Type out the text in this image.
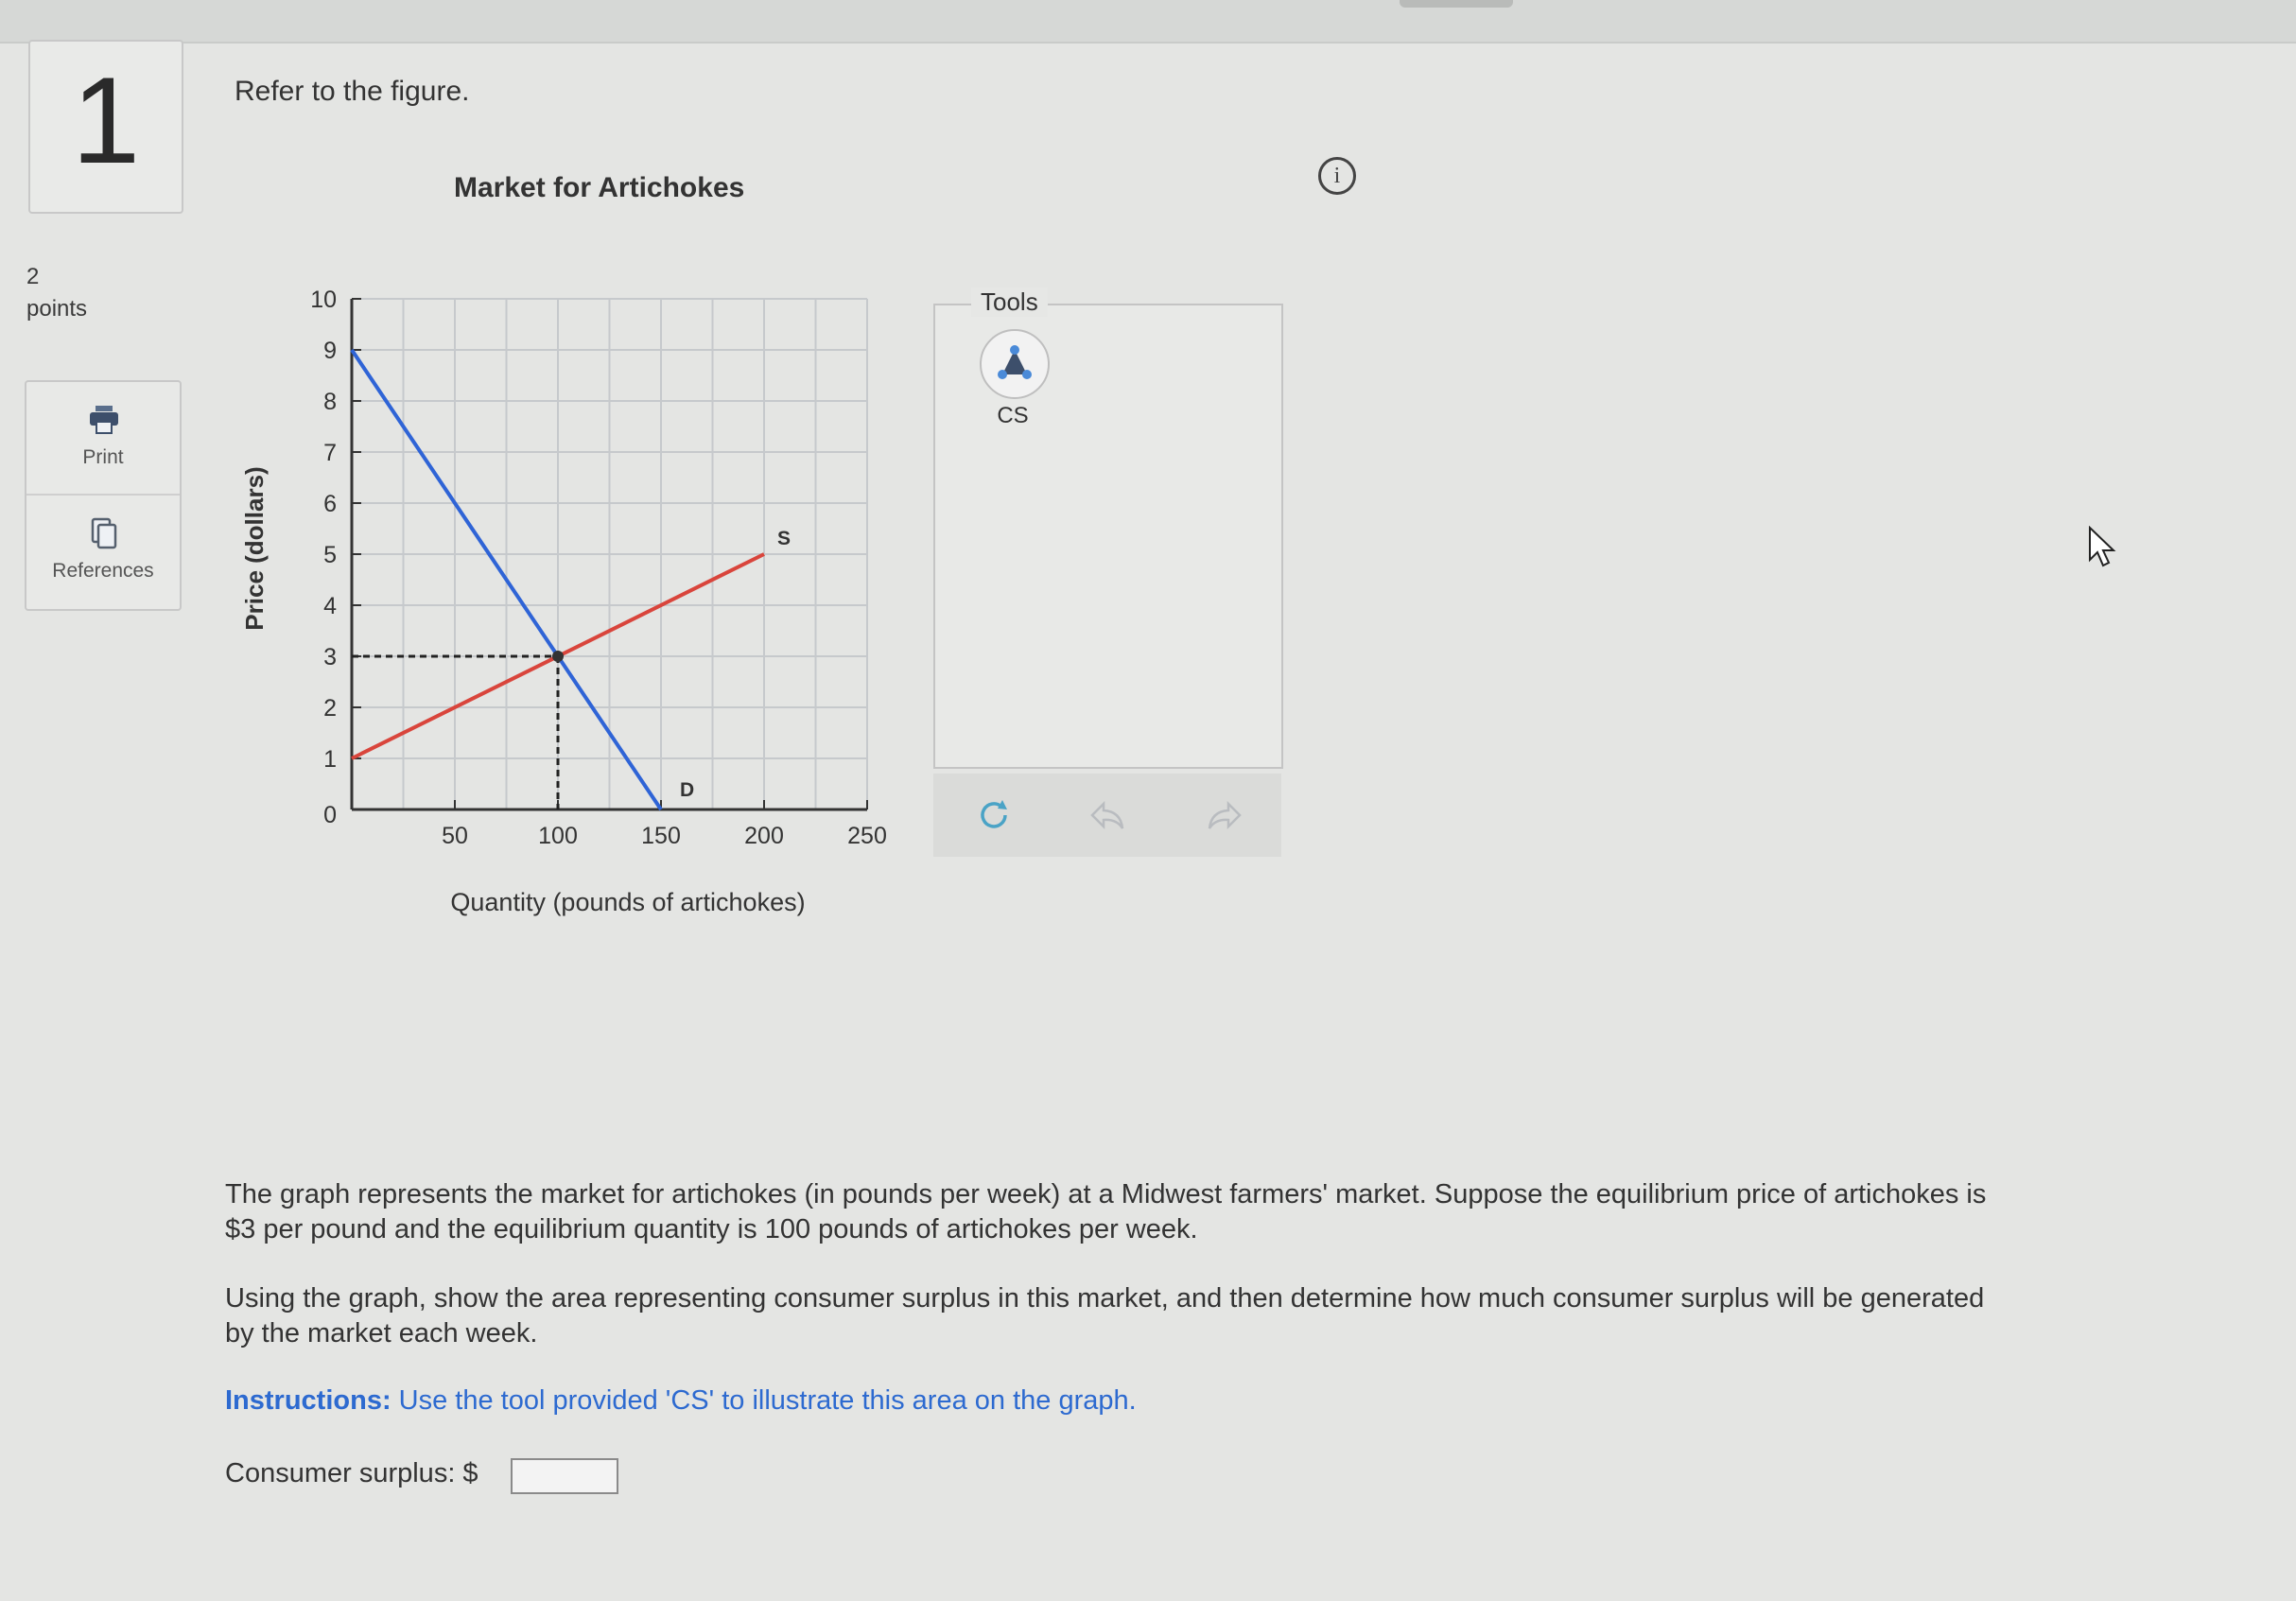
1
2
points
Print
References
Refer to the figure.
Market for Artichokes	i
1
2
3
4
5
6
7
8
9
10
50	100	150	200	250
0
D
S
Price (dollars)
Quantity (pounds of artichokes)
Tools
CS
The graph represents the market for artichokes (in pounds per week) at a Midwest farmers' market. Suppose the equilibrium price of artichokes is $3 per pound and the equilibrium quantity is 100 pounds of artichokes per week.
Using the graph, show the area representing consumer surplus in this market, and then determine how much consumer surplus will be generated by the market each week.
Instructions: Use the tool provided 'CS' to illustrate this area on the graph.
Consumer surplus: $
